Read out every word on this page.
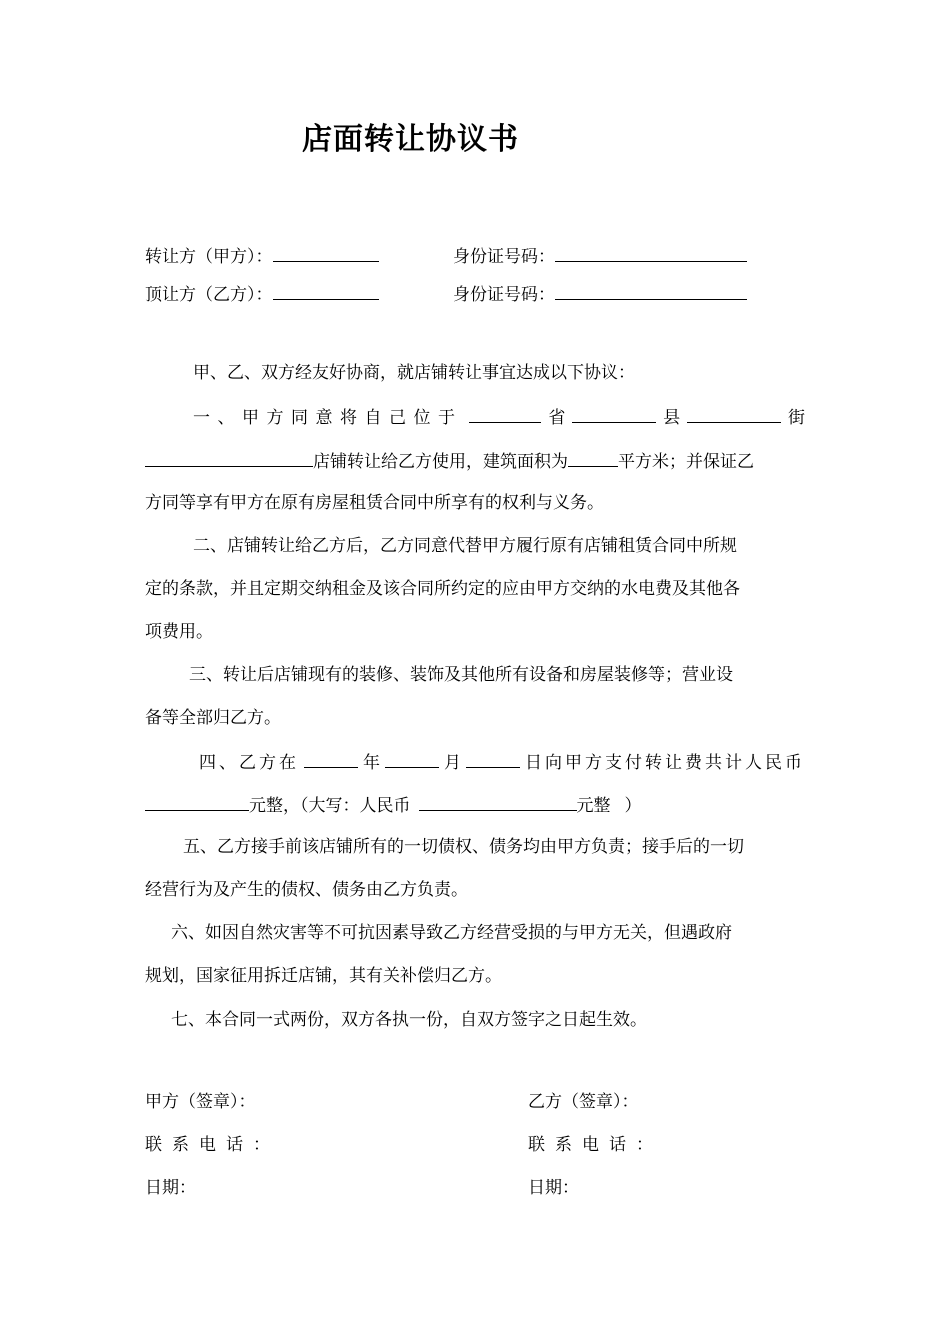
店面转让协议书
转让方（甲方）：	身份证号码：
顶让方（乙方）：	身份证号码：
甲、乙、双方经友好协商，就店铺转让事宜达成以下协议：
一、甲方同意将自己位于	省	县	街
店铺转让给乙方使用，建筑面积为	平方米；并保证乙
方同等享有甲方在原有房屋租赁合同中所享有的权利与义务。
二、店铺转让给乙方后，乙方同意代替甲方履行原有店铺租赁合同中所规
定的条款，并且定期交纳租金及该合同所约定的应由甲方交纳的水电费及其他各
项费用。
三、转让后店铺现有的装修、装饰及其他所有设备和房屋装修等；营业设
备等全部归乙方。
四、乙方在	年	月	日向甲方支付转让费共计人民币
元整，（大写：人民币	元整 ）
五、乙方接手前该店铺所有的一切债权、债务均由甲方负责；接手后的一切
经营行为及产生的债权、债务由乙方负责。
六、如因自然灾害等不可抗因素导致乙方经营受损的与甲方无关，但遇政府
规划，国家征用拆迁店铺，其有关补偿归乙方。
七、本合同一式两份，双方各执一份，自双方签字之日起生效。
甲方（签章）：	乙方（签章）：
联系电话：	联系电话：
日期：	日期：
